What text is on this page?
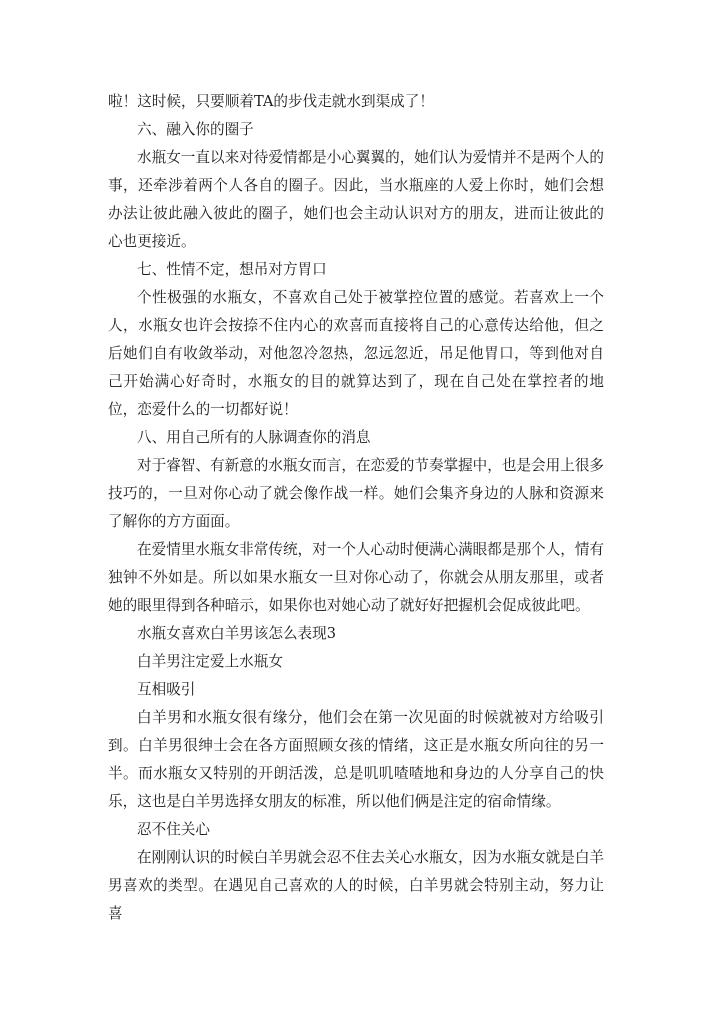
啦！这时候，只要顺着TA的步伐走就水到渠成了！

六、融入你的圈子

水瓶女一直以来对待爱情都是小心翼翼的，她们认为爱情并不是两个人的事，还牵涉着两个人各自的圈子。因此，当水瓶座的人爱上你时，她们会想办法让彼此融入彼此的圈子，她们也会主动认识对方的朋友，进而让彼此的心也更接近。

七、性情不定，想吊对方胃口

个性极强的水瓶女，不喜欢自己处于被掌控位置的感觉。若喜欢上一个人，水瓶女也许会按捺不住内心的欢喜而直接将自己的心意传达给他，但之后她们自有收敛举动，对他忽冷忽热，忽远忽近，吊足他胃口，等到他对自己开始满心好奇时，水瓶女的目的就算达到了，现在自己处在掌控者的地位，恋爱什么的一切都好说！

八、用自己所有的人脉调查你的消息

对于睿智、有新意的水瓶女而言，在恋爱的节奏掌握中，也是会用上很多技巧的，一旦对你心动了就会像作战一样。她们会集齐身边的人脉和资源来了解你的方方面面。

在爱情里水瓶女非常传统，对一个人心动时便满心满眼都是那个人，情有独钟不外如是。所以如果水瓶女一旦对你心动了，你就会从朋友那里，或者她的眼里得到各种暗示，如果你也对她心动了就好好把握机会促成彼此吧。

水瓶女喜欢白羊男该怎么表现3

白羊男注定爱上水瓶女

互相吸引

白羊男和水瓶女很有缘分，他们会在第一次见面的时候就被对方给吸引到。白羊男很绅士会在各方面照顾女孩的情绪，这正是水瓶女所向往的另一半。而水瓶女又特别的开朗活泼，总是叽叽喳喳地和身边的人分享自己的快乐，这也是白羊男选择女朋友的标准，所以他们俩是注定的宿命情缘。

忍不住关心

在刚刚认识的时候白羊男就会忍不住去关心水瓶女，因为水瓶女就是白羊男喜欢的类型。在遇见自己喜欢的人的时候，白羊男就会特别主动，努力让喜
